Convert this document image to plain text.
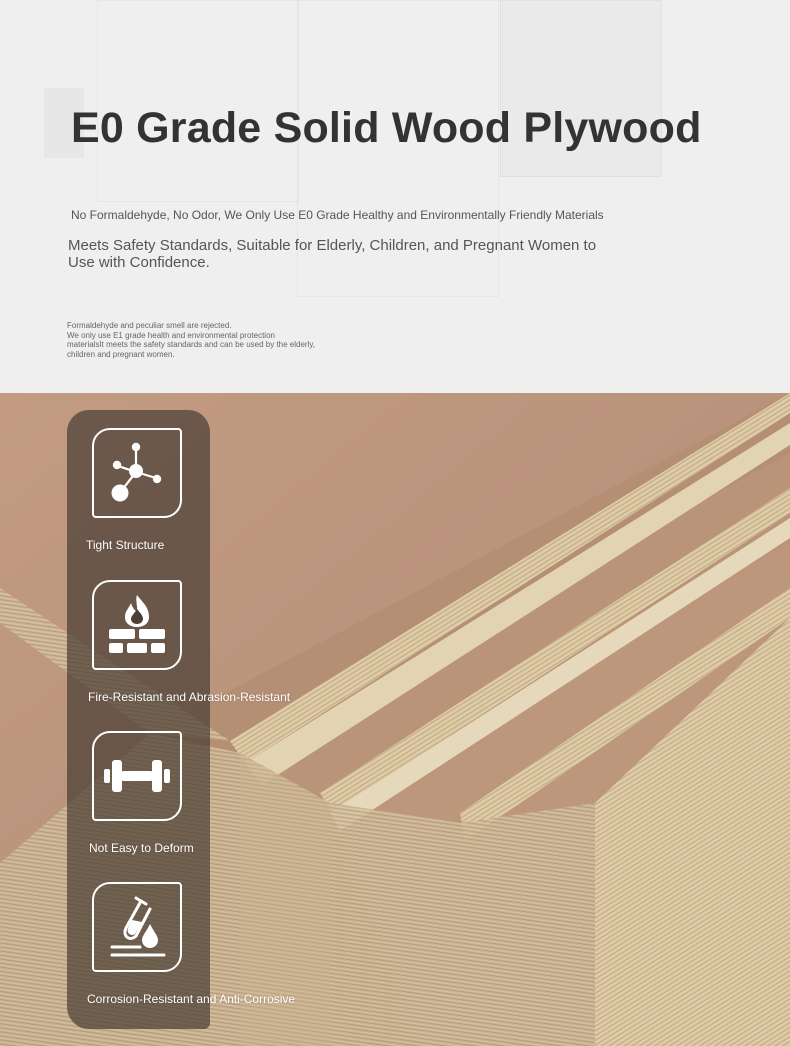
E0 Grade Solid Wood Plywood

No Formaldehyde, No Odor, We Only Use E0 Grade Healthy and Environmentally Friendly Materials

Meets Safety Standards, Suitable for Elderly, Children, and Pregnant Women to Use with Confidence.

Formaldehyde and peculiar smell are rejected.
We only use E1 grade health and environmental protection
materialsIt meets the safety standards and can be used by the elderly,
children and pregnant women.
Tight Structure
Fire-Resistant and Abrasion-Resistant
Not Easy to Deform
Corrosion-Resistant and Anti-Corrosive
